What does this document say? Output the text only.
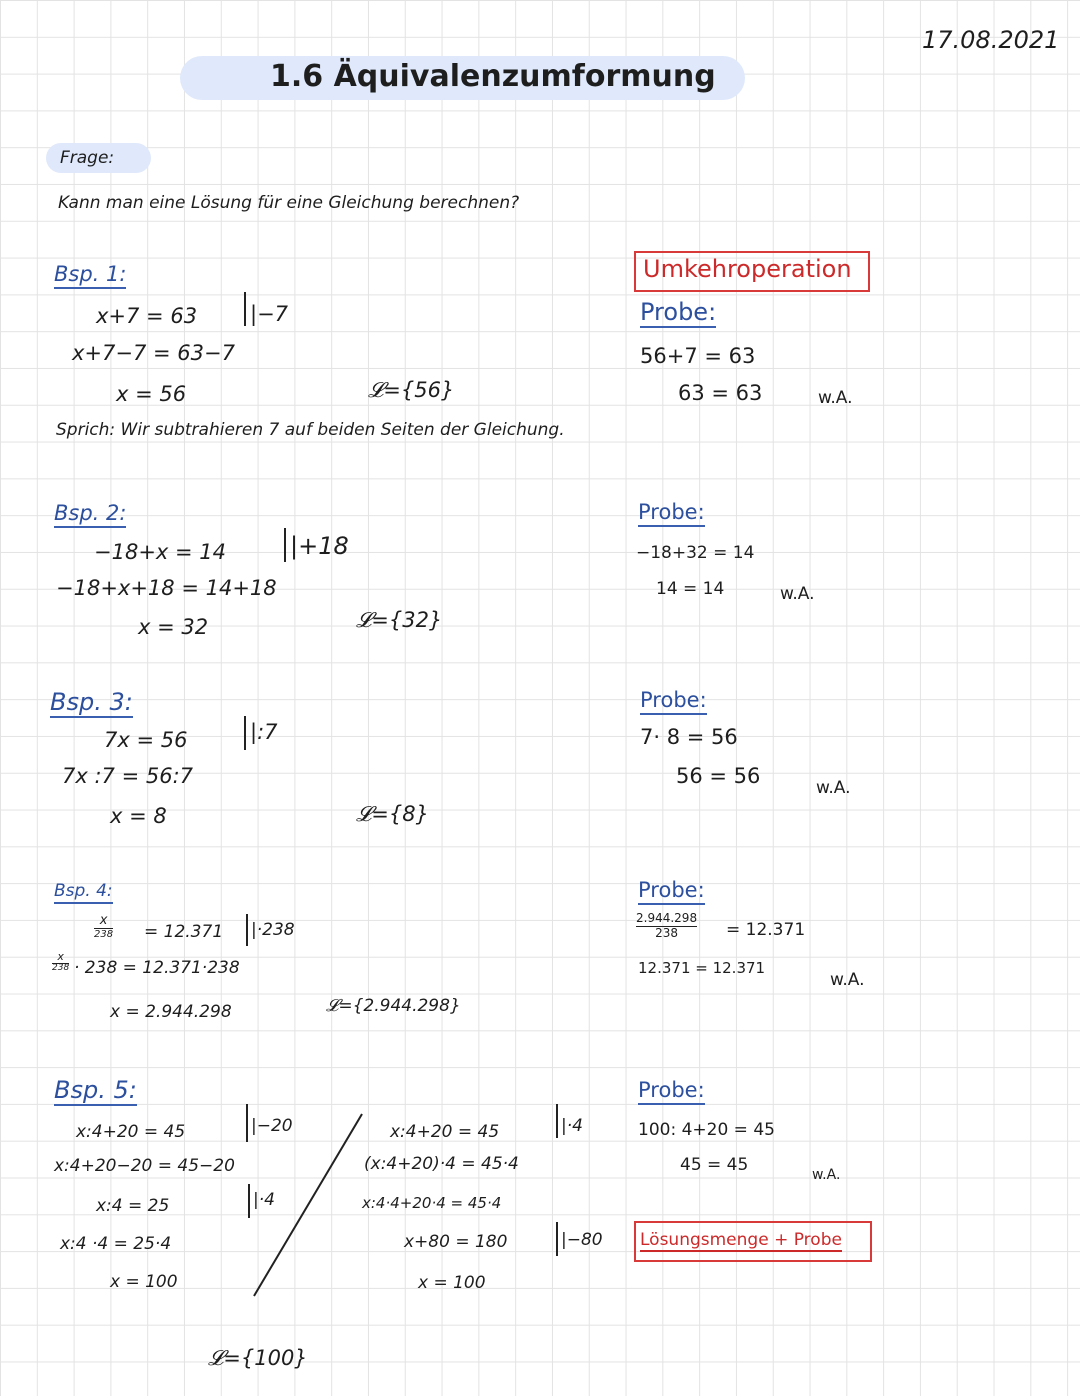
17.08.2021
1.6 Äquivalenzumformung
Frage:
Kann man eine Lösung für eine Gleichung berechnen?
Umkehroperation
Bsp. 1:
x+7 = 63	|−7
x+7−7 = 63−7
x = 56	𝓛={56}
Sprich: Wir subtrahieren 7 auf beiden Seiten der Gleichung.
Probe:
56+7 = 63
63 = 63	w.A.
Bsp. 2:
−18+x = 14	|+18
−18+x+18 = 14+18
x = 32	𝓛={32}
Probe:
−18+32 = 14
14 = 14	w.A.
Bsp. 3:
7x = 56	|:7
7x :7 = 56:7
x = 8	𝓛={8}
Probe:
7· 8 = 56
56 = 56	w.A.
Bsp. 4:
x
238 = 12.371 |·238
x
238 · 238 = 12.371·238
x = 2.944.298	𝓛={2.944.298}
Probe:
$\frac{2.944.298}{238} = 12.371$
12.371 = 12.371
w.A.
Bsp. 5:
x:4+20 = 45	|−20
x:4+20−20 = 45−20
x:4 = 25	|·4
x:4 ·4 = 25·4
x = 100
x:4+20 = 45	|·4
(x:4+20)·4 = 45·4
x:4·4+20·4 = 45·4
x+80 = 180	|−80
x = 100
𝓛={100}
Probe:
100: 4+20 = 45
45 = 45	w.A.
Lösungsmenge + Probe
